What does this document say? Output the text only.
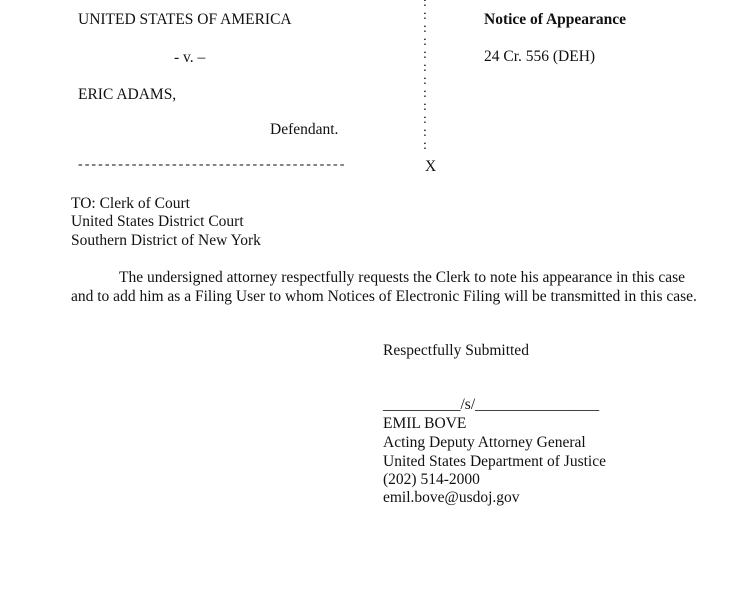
UNITED STATES OF AMERICA
- v. –
ERIC ADAMS,
Defendant.
:
:
:
:
:
:
:
:
:
:
:
:
----------------------------------------	X
Notice of Appearance
24 Cr. 556 (DEH)
TO: Clerk of Court
United States District Court
Southern District of New York
The undersigned attorney respectfully requests the Clerk to note his appearance in this case and to add him as a Filing User to whom Notices of Electronic Filing will be transmitted in this case.
Respectfully Submitted
__________/s/________________
EMIL BOVE
Acting Deputy Attorney General
United States Department of Justice
(202) 514-2000
emil.bove@usdoj.gov
